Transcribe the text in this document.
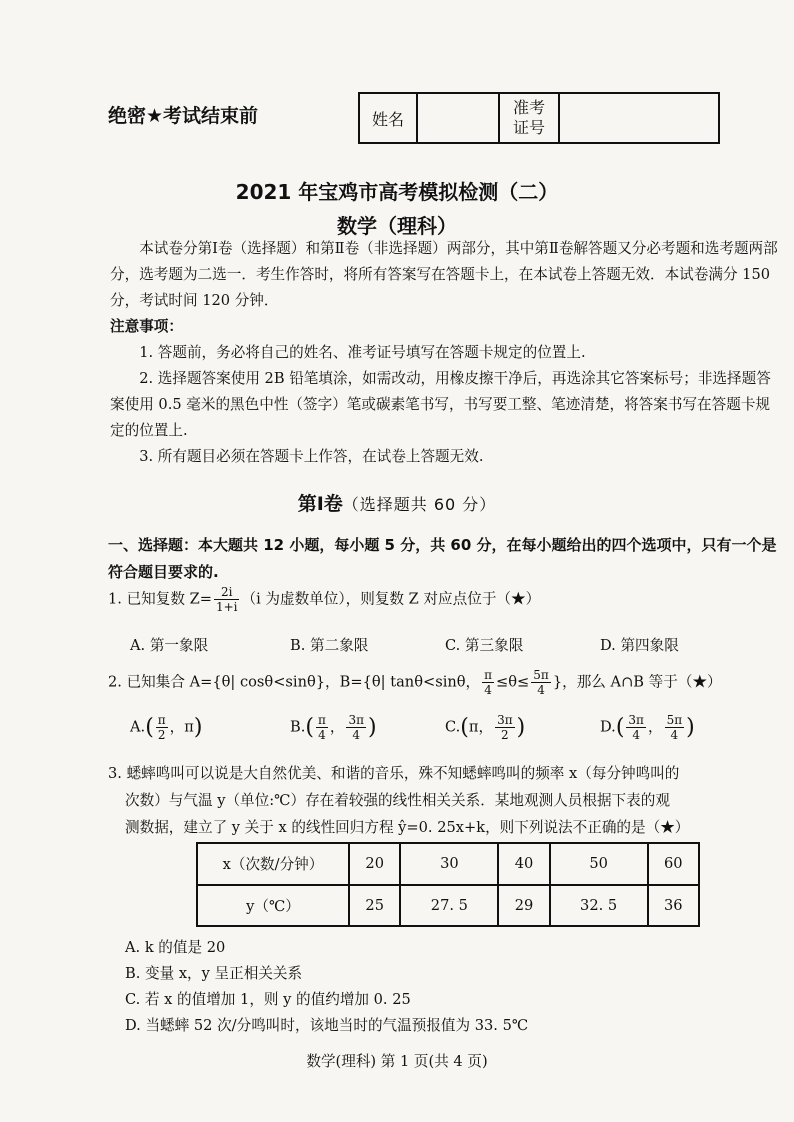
绝密★考试结束前	姓名		准考
证号	
2021 年宝鸡市高考模拟检测（二）
数学（理科）
本试卷分第Ⅰ卷（选择题）和第Ⅱ卷（非选择题）两部分，其中第Ⅱ卷解答题又分必考题和选考题两部分，选考题为二选一．考生作答时，将所有答案写在答题卡上，在本试卷上答题无效．本试卷满分 150 分，考试时间 120 分钟．
注意事项：
1. 答题前，务必将自己的姓名、准考证号填写在答题卡规定的位置上.
2. 选择题答案使用 2B 铅笔填涂，如需改动，用橡皮擦干净后，再选涂其它答案标号；非选择题答案使用 0.5 毫米的黑色中性（签字）笔或碳素笔书写，书写要工整、笔迹清楚，将答案书写在答题卡规定的位置上.
3. 所有题目必须在答题卡上作答，在试卷上答题无效.
第Ⅰ卷（选择题共 60 分）
一、选择题：本大题共 12 小题，每小题 5 分，共 60 分，在每小题给出的四个选项中，只有一个是符合题目要求的.
1. 已知复数 $Z= \frac{2i}{1+i} (i$ 为虚数单位），则复数 Z 对应点位于（★）
A. 第一象限	B. 第二象限	C. 第三象限	D. 第四象限
2. 已知集合 A={θ| cosθ<sinθ}，B={θ| tanθ<sinθ， $\frac{\pi}{4} \le\theta\le \frac{5\pi}{4}$ }，那么 A∩B 等于（★）
$A.( \frac{\pi}{2}$ ，π)	$B.( \frac{\pi}{4}$ ， $\frac{3\pi}{4}$ )	C.(π， $\frac{3\pi}{2}$ )	$D.( \frac{3\pi}{4}$ ， $\frac{5\pi}{4}$ )
3. 蟋蟀鸣叫可以说是大自然优美、和谐的音乐，殊不知蟋蟀鸣叫的频率 x（每分钟鸣叫的
次数）与气温 y（单位:℃）存在着较强的线性相关关系．某地观测人员根据下表的观
测数据，建立了 y 关于 x 的线性回归方程 ŷ=0. 25x+k，则下列说法不正确的是（★）
x（次数/分钟）	20	30	40	50	60
y（℃）	25	27. 5	29	32. 5	36
A. k 的值是 20
B. 变量 x，y 呈正相关关系
C. 若 x 的值增加 1，则 y 的值约增加 0. 25
D. 当蟋蟀 52 次/分鸣叫时，该地当时的气温预报值为 33. 5℃
数学(理科) 第 1 页(共 4 页)
